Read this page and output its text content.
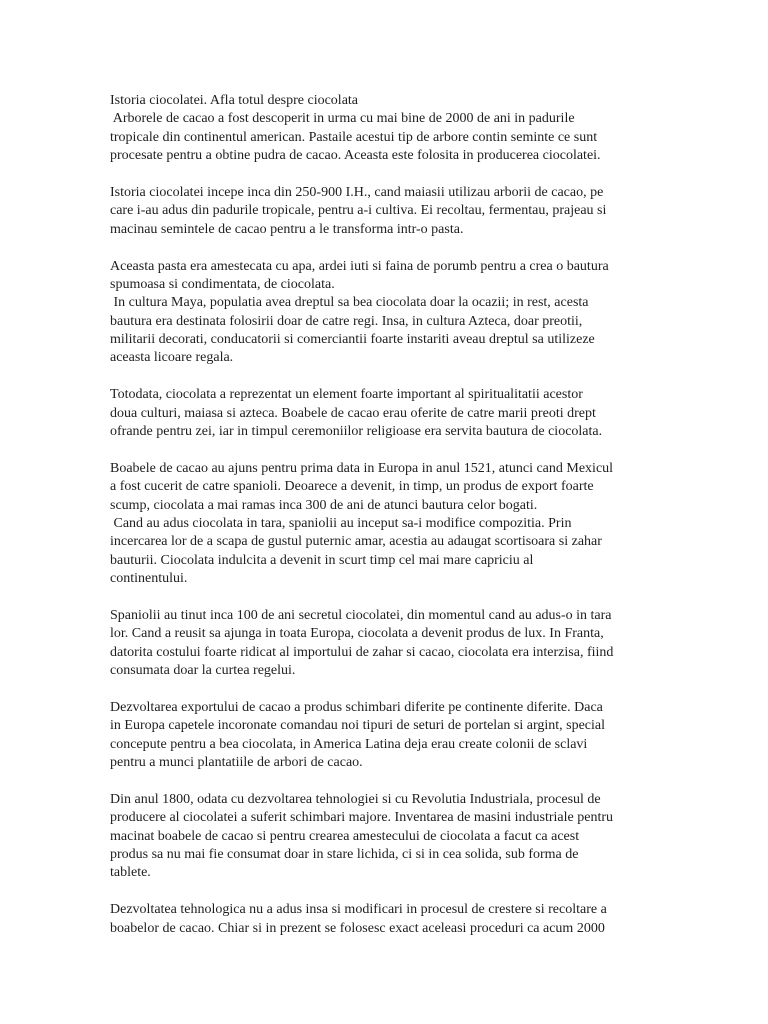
Istoria ciocolatei. Afla totul despre ciocolata
Arborele de cacao a fost descoperit in urma cu mai bine de 2000 de ani in padurile
tropicale din continentul american. Pastaile acestui tip de arbore contin seminte ce sunt
procesate pentru a obtine pudra de cacao. Aceasta este folosita in producerea ciocolatei.
Istoria ciocolatei incepe inca din 250-900 I.H., cand maiasii utilizau arborii de cacao, pe
care i-au adus din padurile tropicale, pentru a-i cultiva. Ei recoltau, fermentau, prajeau si
macinau semintele de cacao pentru a le transforma intr-o pasta.
Aceasta pasta era amestecata cu apa, ardei iuti si faina de porumb pentru a crea o bautura
spumoasa si condimentata, de ciocolata.
In cultura Maya, populatia avea dreptul sa bea ciocolata doar la ocazii; in rest, acesta
bautura era destinata folosirii doar de catre regi. Insa, in cultura Azteca, doar preotii,
militarii decorati, conducatorii si comerciantii foarte instariti aveau dreptul sa utilizeze
aceasta licoare regala.
Totodata, ciocolata a reprezentat un element foarte important al spiritualitatii acestor
doua culturi, maiasa si azteca. Boabele de cacao erau oferite de catre marii preoti drept
ofrande pentru zei, iar in timpul ceremoniilor religioase era servita bautura de ciocolata.
Boabele de cacao au ajuns pentru prima data in Europa in anul 1521, atunci cand Mexicul
a fost cucerit de catre spanioli. Deoarece a devenit, in timp, un produs de export foarte
scump, ciocolata a mai ramas inca 300 de ani de atunci bautura celor bogati.
Cand au adus ciocolata in tara, spaniolii au inceput sa-i modifice compozitia. Prin
incercarea lor de a scapa de gustul puternic amar, acestia au adaugat scortisoara si zahar
bauturii. Ciocolata indulcita a devenit in scurt timp cel mai mare capriciu al
continentului.
Spaniolii au tinut inca 100 de ani secretul ciocolatei, din momentul cand au adus-o in tara
lor. Cand a reusit sa ajunga in toata Europa, ciocolata a devenit produs de lux. In Franta,
datorita costului foarte ridicat al importului de zahar si cacao, ciocolata era interzisa, fiind
consumata doar la curtea regelui.
Dezvoltarea exportului de cacao a produs schimbari diferite pe continente diferite. Daca
in Europa capetele incoronate comandau noi tipuri de seturi de portelan si argint, special
concepute pentru a bea ciocolata, in America Latina deja erau create colonii de sclavi
pentru a munci plantatiile de arbori de cacao.
Din anul 1800, odata cu dezvoltarea tehnologiei si cu Revolutia Industriala, procesul de
producere al ciocolatei a suferit schimbari majore. Inventarea de masini industriale pentru
macinat boabele de cacao si pentru crearea amestecului de ciocolata a facut ca acest
produs sa nu mai fie consumat doar in stare lichida, ci si in cea solida, sub forma de
tablete.
Dezvoltatea tehnologica nu a adus insa si modificari in procesul de crestere si recoltare a
boabelor de cacao. Chiar si in prezent se folosesc exact aceleasi proceduri ca acum 2000
